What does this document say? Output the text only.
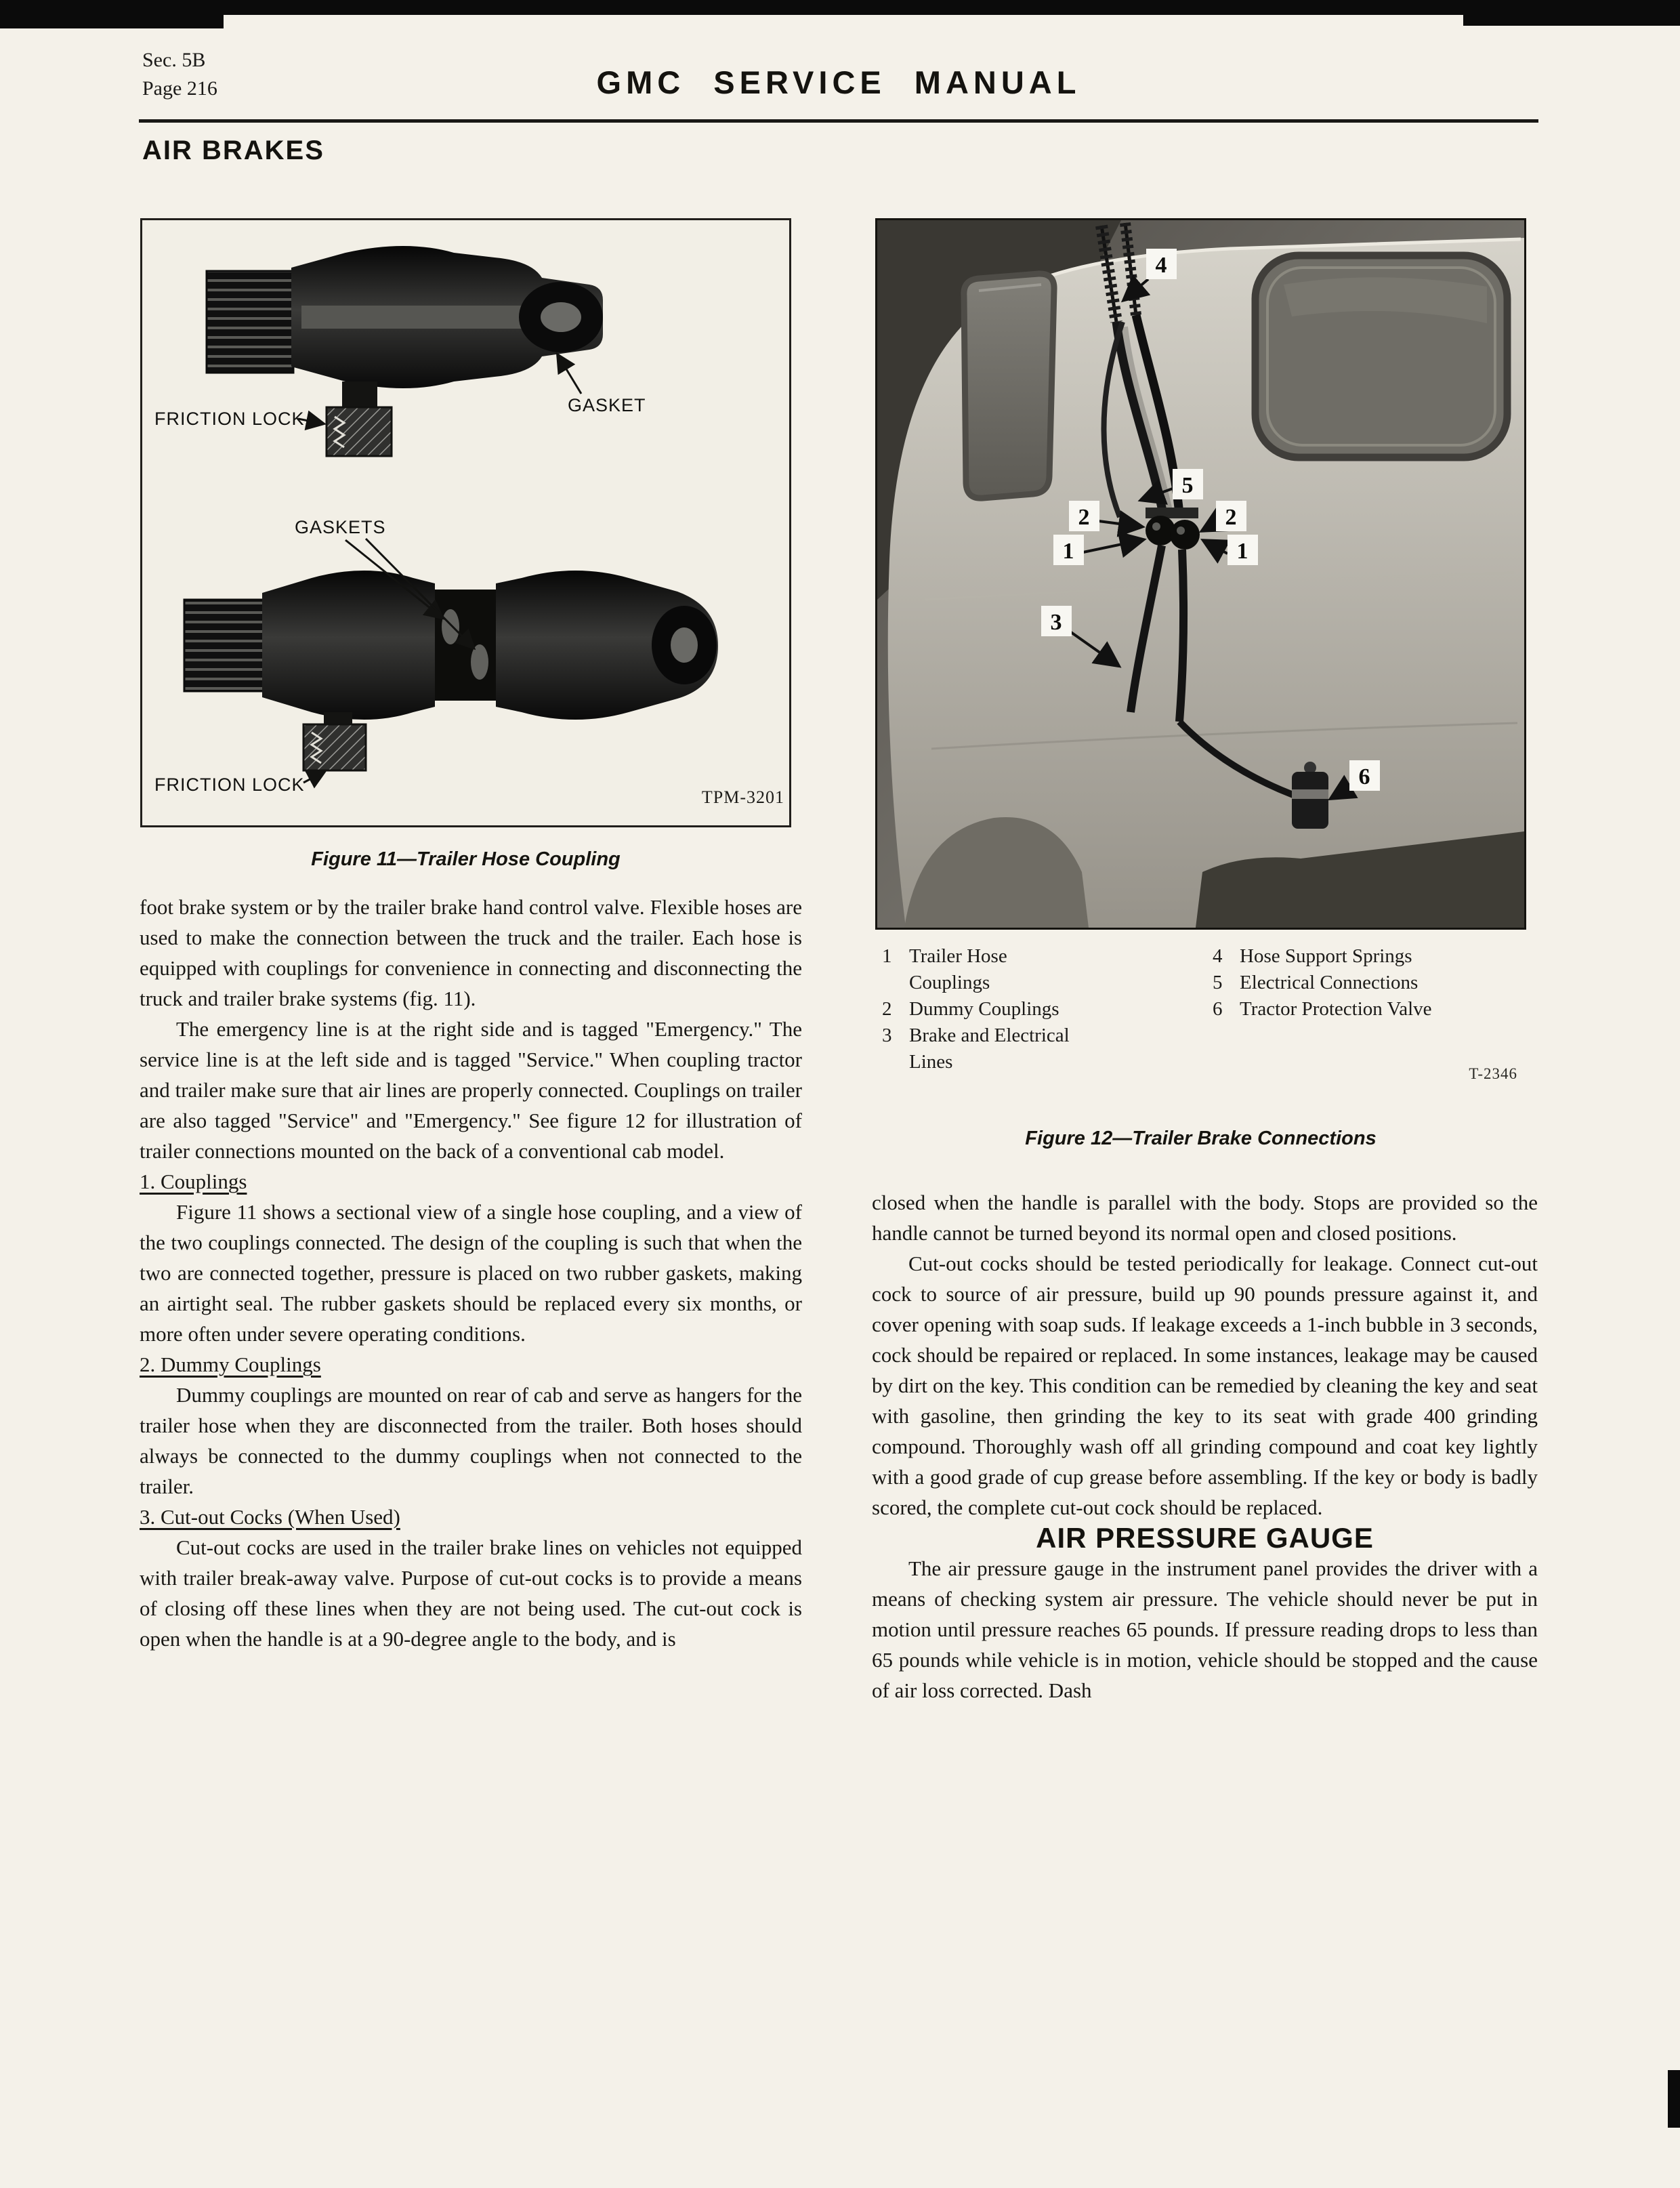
Sec. 5B
Page 216	GMC SERVICE MANUAL
AIR BRAKES
FRICTION LOCK
GASKET
GASKETS
FRICTION LOCK
TPM-3201
Figure 11—Trailer Hose Coupling
4
5
2	2
1	1
3
6
1 Trailer Hose Couplings
2 Dummy Couplings
3 Brake and Electrical Lines
4 Hose Support Springs
5 Electrical Connections
6 Tractor Protection Valve
T-2346
Figure 12—Trailer Brake Connections

foot brake system or by the trailer brake hand control valve. Flexible hoses are used to make the connection between the truck and the trailer. Each hose is equipped with couplings for convenience in connecting and disconnecting the truck and trailer brake systems (fig. 11).

The emergency line is at the right side and is tagged "Emergency." The service line is at the left side and is tagged "Service." When coupling tractor and trailer make sure that air lines are properly connected. Couplings on trailer are also tagged "Service" and "Emergency." See figure 12 for illustration of trailer connections mounted on the back of a conventional cab model.

1. Couplings

Figure 11 shows a sectional view of a single hose coupling, and a view of the two couplings connected. The design of the coupling is such that when the two are connected together, pressure is placed on two rubber gaskets, making an airtight seal. The rubber gaskets should be replaced every six months, or more often under severe operating conditions.

2. Dummy Couplings

Dummy couplings are mounted on rear of cab and serve as hangers for the trailer hose when they are disconnected from the trailer. Both hoses should always be connected to the dummy couplings when not connected to the trailer.

3. Cut-out Cocks (When Used)

Cut-out cocks are used in the trailer brake lines on vehicles not equipped with trailer break-away valve. Purpose of cut-out cocks is to provide a means of closing off these lines when they are not being used. The cut-out cock is open when the handle is at a 90-degree angle to the body, and is

closed when the handle is parallel with the body. Stops are provided so the handle cannot be turned beyond its normal open and closed positions.

Cut-out cocks should be tested periodically for leakage. Connect cut-out cock to source of air pressure, build up 90 pounds pressure against it, and cover opening with soap suds. If leakage exceeds a 1-inch bubble in 3 seconds, cock should be repaired or replaced. In some instances, leakage may be caused by dirt on the key. This condition can be remedied by cleaning the key and seat with gasoline, then grinding the key to its seat with grade 400 grinding compound. Thoroughly wash off all grinding compound and coat key lightly with a good grade of cup grease before assembling. If the key or body is badly scored, the complete cut-out cock should be replaced.

AIR PRESSURE GAUGE

The air pressure gauge in the instrument panel provides the driver with a means of checking system air pressure. The vehicle should never be put in motion until pressure reaches 65 pounds. If pressure reading drops to less than 65 pounds while vehicle is in motion, vehicle should be stopped and the cause of air loss corrected. Dash
